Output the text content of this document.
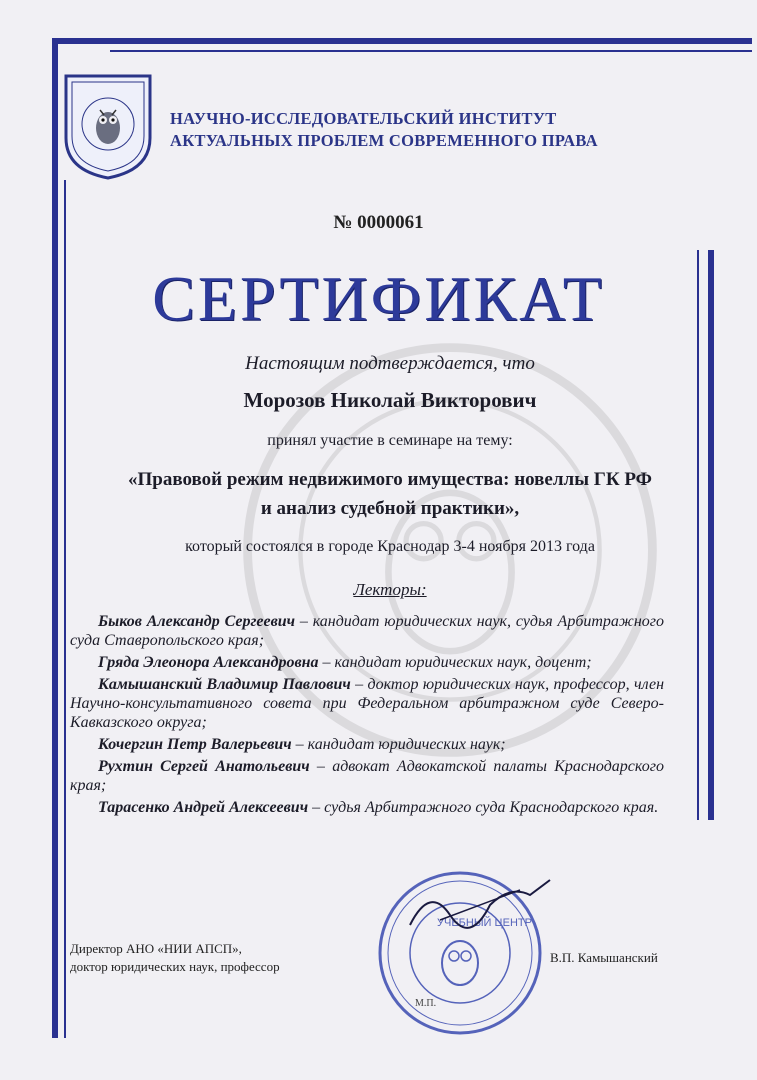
НАУЧНО-ИССЛЕДОВАТЕЛЬСКИЙ ИНСТИТУТ
АКТУАЛЬНЫХ ПРОБЛЕМ СОВРЕМЕННОГО ПРАВА
№ 0000061
СЕРТИФИКАТ
Настоящим подтверждается, что
Морозов Николай Викторович
принял участие в семинаре на тему:
«Правовой режим недвижимого имущества: новеллы ГК РФ
и анализ судебной практики»,
который состоялся в городе Краснодар 3-4 ноября 2013 года
Лекторы:

Быков Александр Сергеевич – кандидат юридических наук, судья Арбитражного суда Ставропольского края;

Гряда Элеонора Александровна – кандидат юридических наук, доцент;

Камышанский Владимир Павлович – доктор юридических наук, профессор, член Научно-консультативного совета при Федеральном арбитражном суде Северо-Кавказского округа;

Кочергин Петр Валерьевич – кандидат юридических наук;

Рухтин Сергей Анатольевич – адвокат Адвокатской палаты Краснодарского края;

Тарасенко Андрей Алексеевич – судья Арбитражного суда Краснодарского края.

Директор АНО «НИИ АПСП»,
доктор юридических наук, профессор
УЧЕБНЫЙ ЦЕНТР
М.П.
В.П. Камышанский
